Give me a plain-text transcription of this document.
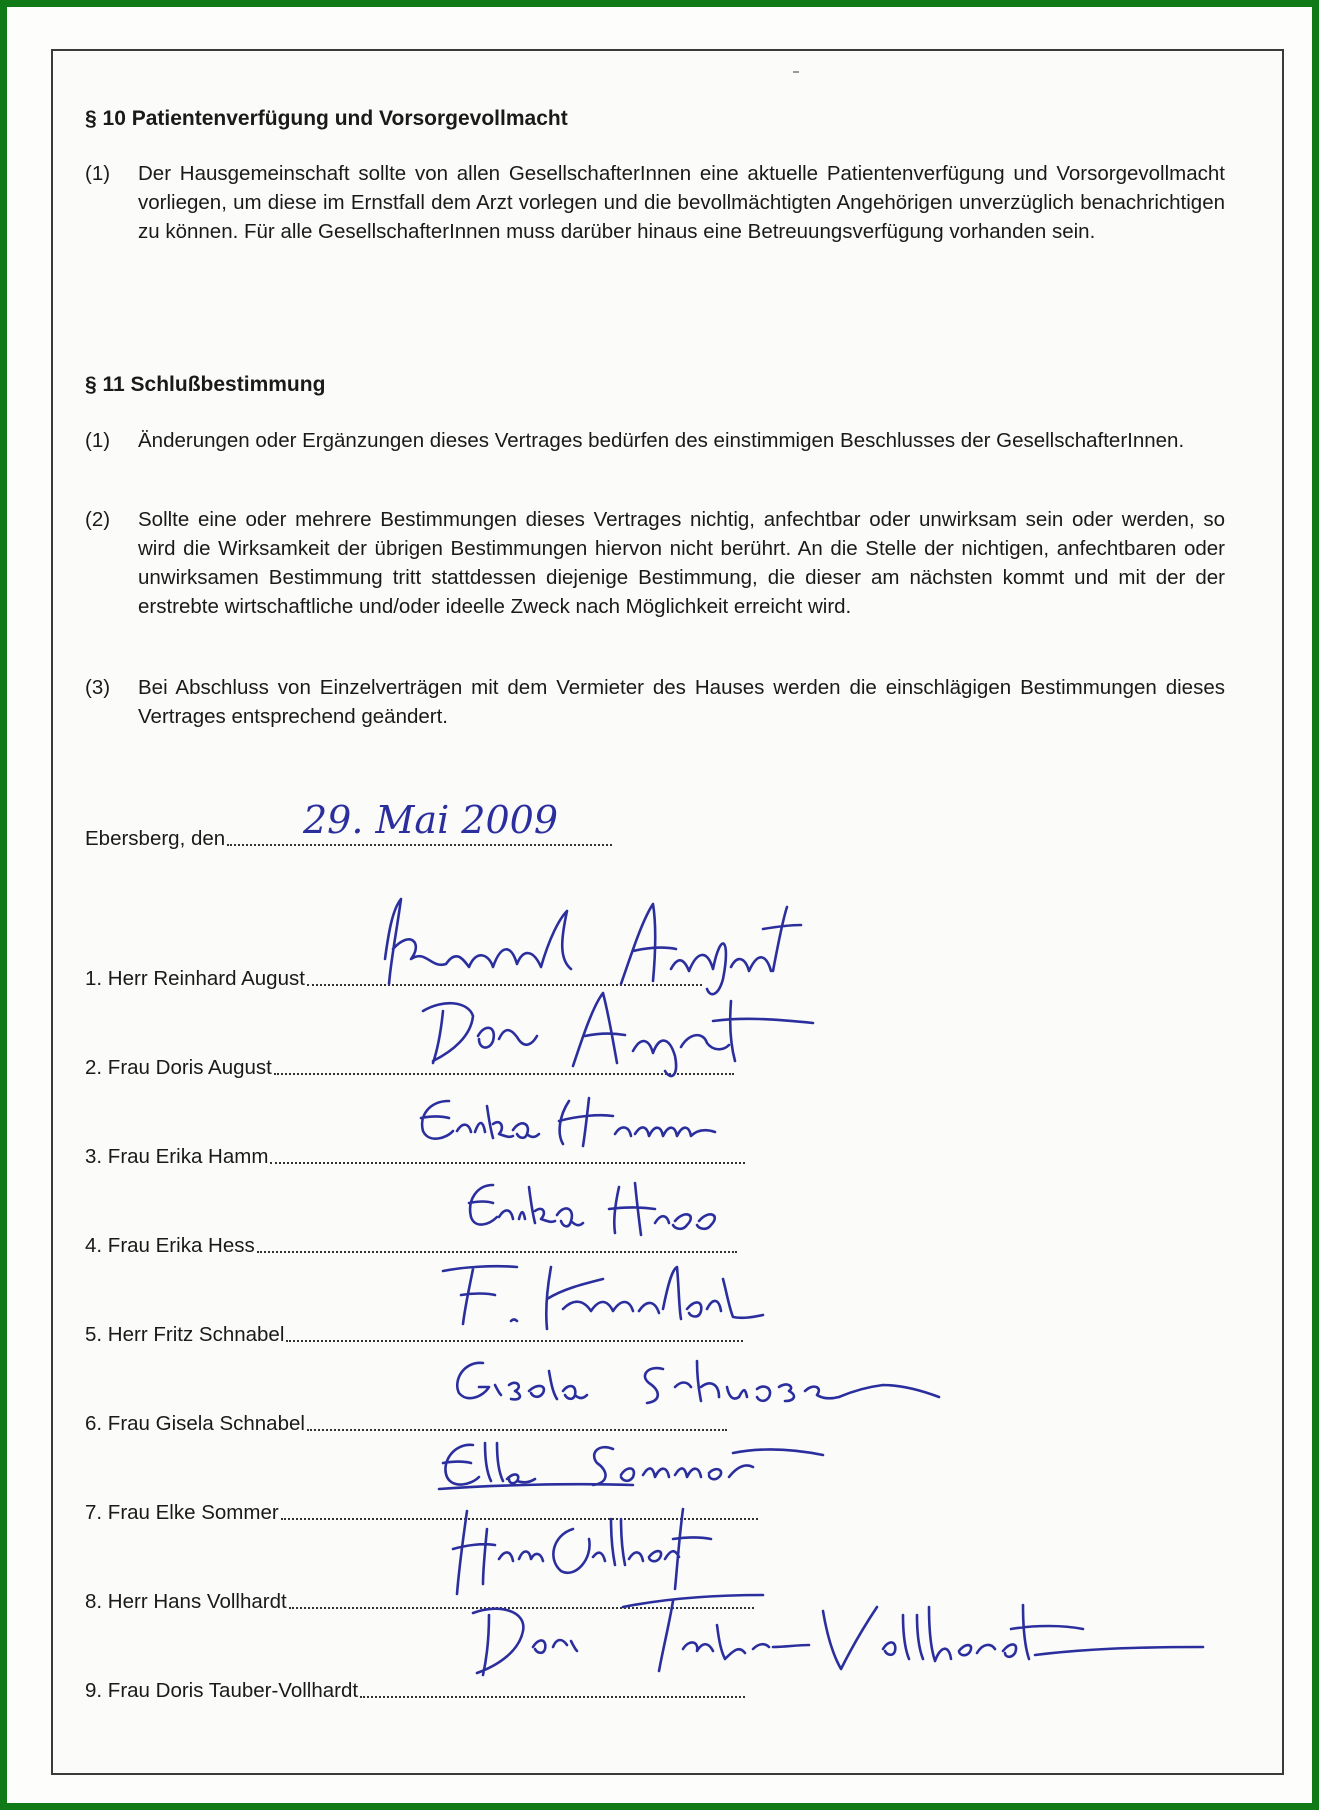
§ 10 Patientenverfügung und Vorsorgevollmacht
(1)	Der Hausgemeinschaft sollte von allen GesellschafterInnen eine aktuelle Patientenverfügung und Vorsorgevollmacht vorliegen, um diese im Ernstfall dem Arzt vorlegen und die bevollmächtigten Angehörigen unverzüglich benachrichtigen zu können. Für alle GesellschafterInnen muss darüber hinaus eine Betreuungsverfügung vorhanden sein.
§ 11 Schlußbestimmung
(1)	Änderungen oder Ergänzungen dieses Vertrages bedürfen des einstimmigen Beschlusses der GesellschafterInnen.
(2)	Sollte eine oder mehrere Bestimmungen dieses Vertrages nichtig, anfechtbar oder unwirksam sein oder werden, so wird die Wirksamkeit der übrigen Bestimmungen hiervon nicht berührt. An die Stelle der nichtigen, anfechtbaren oder unwirksamen Bestimmung tritt stattdessen diejenige Bestimmung, die dieser am nächsten kommt und mit der der erstrebte wirtschaftliche und/oder ideelle Zweck nach Möglichkeit erreicht wird.
(3)	Bei Abschluss von Einzelverträgen mit dem Vermieter des Hauses werden die einschlägigen Bestimmungen dieses Vertrages entsprechend geändert.
Ebersberg, den 29. Mai 2009
1. Herr Reinhard August
2. Frau Doris August
3. Frau Erika Hamm
4. Frau Erika Hess
5. Herr Fritz Schnabel
6. Frau Gisela Schnabel
7. Frau Elke Sommer
8. Herr Hans Vollhardt
9. Frau Doris Tauber-Vollhardt
